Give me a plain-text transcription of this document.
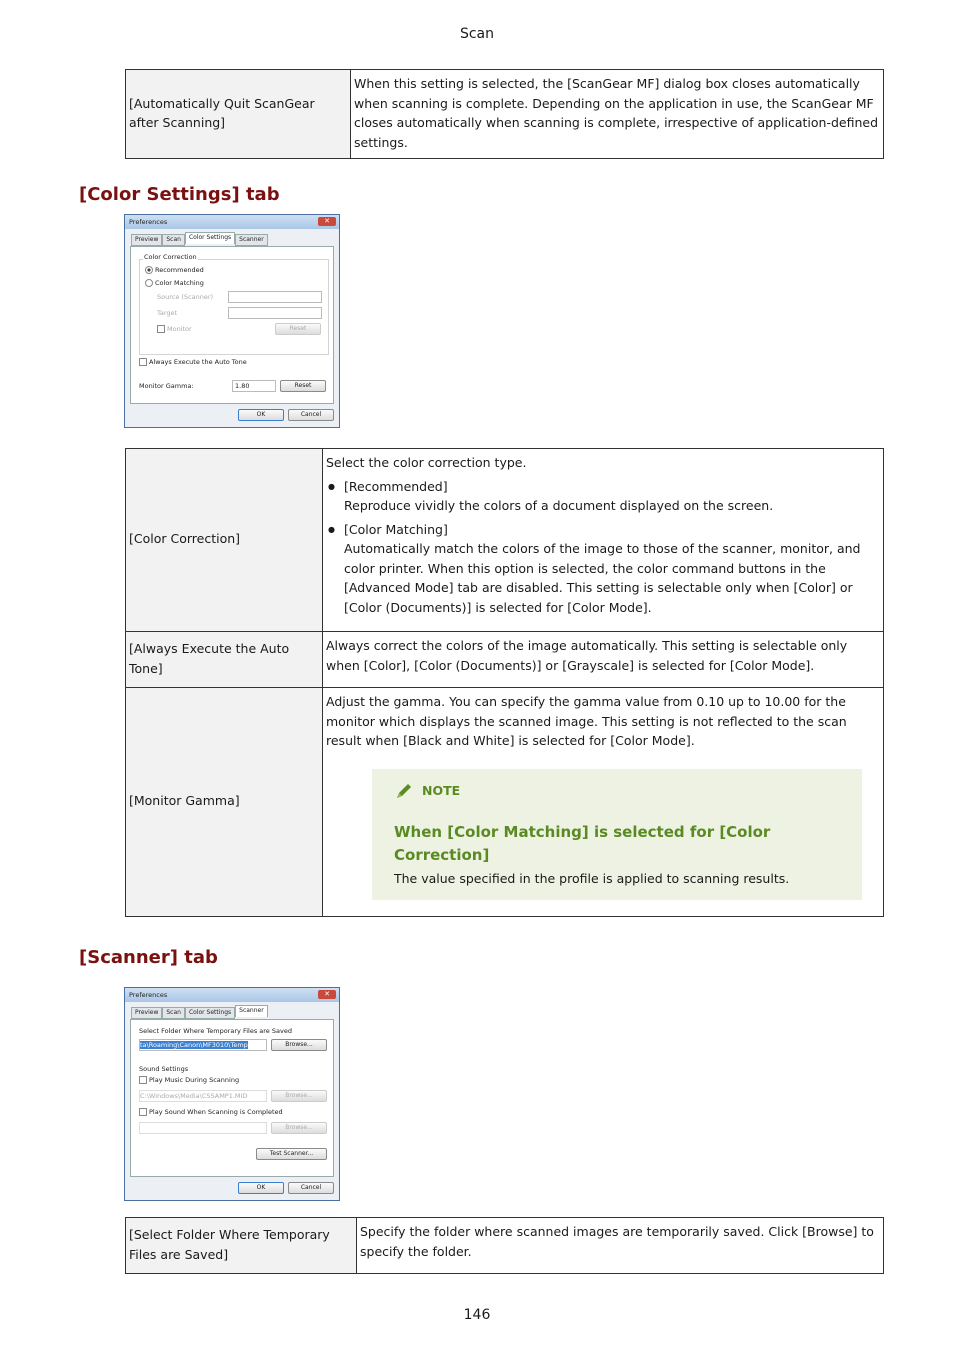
Scan
[Automatically Quit ScanGear after Scanning]	When this setting is selected, the [ScanGear MF] dialog box closes automatically when scanning is complete. Depending on the application in use, the ScanGear MF closes automatically when scanning is complete, irrespective of application-defined settings.
[Color Settings] tab
Preferences	✕
Preview	Scan	Color Settings	Scanner
Color Correction
Recommended
Color Matching
Source (Scanner)
Target
Monitor	Reset
Always Execute the Auto Tone
Monitor Gamma:	1.80	Reset
OK	Cancel
[Color Correction]	Select the color correction type.

● [Recommended]
Reproduce vividly the colors of a document displayed on the screen.
● [Color Matching]
Automatically match the colors of the image to those of the scanner, monitor, and color printer. When this option is selected, the color command buttons in the [Advanced Mode] tab are disabled. This setting is selectable only when [Color] or [Color (Documents)] is selected for [Color Mode].

[Always Execute the Auto Tone]	Always correct the colors of the image automatically. This setting is selectable only when [Color], [Color (Documents)] or [Grayscale] is selected for [Color Mode].
[Monitor Gamma]	Adjust the gamma. You can specify the gamma value from 0.10 up to 10.00 for the monitor which displays the scanned image. This setting is not reflected to the scan result when [Black and White] is selected for [Color Mode].

NOTE
When [Color Matching] is selected for [Color Correction]
The value specified in the profile is applied to scanning results.
[Scanner] tab
Preferences	✕
Preview	Scan	Color Settings	Scanner
Select Folder Where Temporary Files are Saved
ta\Roaming\Canon\MF3010\Temp	Browse...
Sound Settings
Play Music During Scanning
C:\Windows\Media\CSSAMP1.MID	Browse...
Play Sound When Scanning is Completed
Browse...
Test Scanner...
OK	Cancel
[Select Folder Where Temporary Files are Saved]	Specify the folder where scanned images are temporarily saved. Click [Browse] to specify the folder.
146
